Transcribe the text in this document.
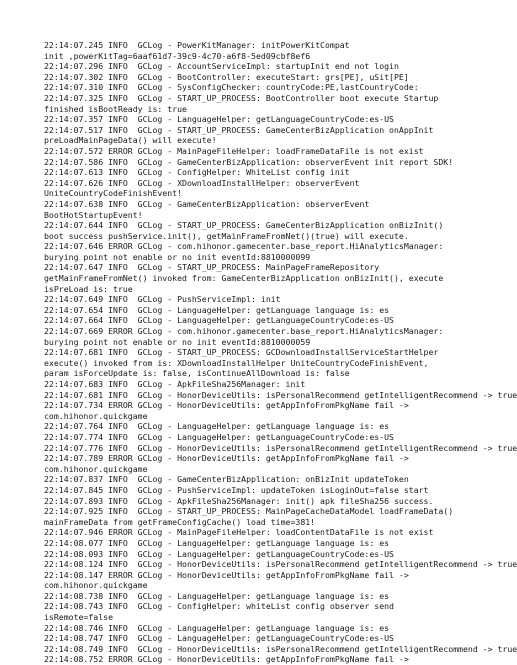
22:14:07.245 INFO  GCLog - PowerKitManager: initPowerKitCompat
init ,powerKitTag=6aaf61d7-39c9-4c70-a6f8-5ed09cbf8ef6
22:14:07.296 INFO  GCLog - AccountServiceImpl: startupInit end not login
22:14:07.302 INFO  GCLog - BootController: executeStart: grs[PE], uSit[PE]
22:14:07.310 INFO  GCLog - SysConfigChecker: countryCode:PE,lastCountryCode:
22:14:07.325 INFO  GCLog - START_UP_PROCESS: BootController boot execute Startup
finished isBootReady is: true
22:14:07.357 INFO  GCLog - LanguageHelper: getLanguageCountryCode:es-US
22:14:07.517 INFO  GCLog - START_UP_PROCESS: GameCenterBizApplication onAppInit
preLoadMainPageData() will execute!
22:14:07.572 ERROR GCLog - MainPageFileHelper: loadFrameDataFile is not exist
22:14:07.586 INFO  GCLog - GameCenterBizApplication: observerEvent init report SDK!
22:14:07.613 INFO  GCLog - ConfigHelper: WhiteList config init
22:14:07.626 INFO  GCLog - XDownloadInstallHelper: observerEvent
UniteCountryCodeFinishEvent!
22:14:07.638 INFO  GCLog - GameCenterBizApplication: observerEvent
BootHotStartupEvent!
22:14:07.644 INFO  GCLog - START_UP_PROCESS: GameCenterBizApplication onBizInit()
boot success pushService.init(), getMainFrameFromNet()(true) will execute.
22:14:07.646 ERROR GCLog - com.hihonor.gamecenter.base_report.HiAnalyticsManager:
burying point not enable or no init eventId:8810000099
22:14:07.647 INFO  GCLog - START_UP_PROCESS: MainPageFrameRepository
getMainFrameFromNet() invoked from: GameCenterBizApplication onBizInit(), execute
isPreLoad is: true
22:14:07.649 INFO  GCLog - PushServiceImpl: init
22:14:07.654 INFO  GCLog - LanguageHelper: getLanguage language is: es
22:14:07.664 INFO  GCLog - LanguageHelper: getLanguageCountryCode:es-US
22:14:07.669 ERROR GCLog - com.hihonor.gamecenter.base_report.HiAnalyticsManager:
burying point not enable or no init eventId:8810000059
22:14:07.681 INFO  GCLog - START_UP_PROCESS: GCDownloadInstallServiceStartHelper
execute() invoked from is: XDownloadInstallHelper UniteCountryCodeFinishEvent,
param isForceUpdate is: false, isContinueAllDownload is: false
22:14:07.683 INFO  GCLog - ApkFileSha256Manager: init
22:14:07.681 INFO  GCLog - HonorDeviceUtils: isPersonalRecommend getIntelligentRecommend -> true
22:14:07.734 ERROR GCLog - HonorDeviceUtils: getAppInfoFromPkgName fail ->
com.hihonor.quickgame
22:14:07.764 INFO  GCLog - LanguageHelper: getLanguage language is: es
22:14:07.774 INFO  GCLog - LanguageHelper: getLanguageCountryCode:es-US
22:14:07.776 INFO  GCLog - HonorDeviceUtils: isPersonalRecommend getIntelligentRecommend -> true
22:14:07.789 ERROR GCLog - HonorDeviceUtils: getAppInfoFromPkgName fail ->
com.hihonor.quickgame
22:14:07.837 INFO  GCLog - GameCenterBizApplication: onBizInit updateToken
22:14:07.845 INFO  GCLog - PushServiceImpl: updateToken isLoginOut=false start
22:14:07.893 INFO  GCLog - ApkFileSha256Manager: init() apk fileSha256 success.
22:14:07.925 INFO  GCLog - START_UP_PROCESS: MainPageCacheDataModel loadFrameData()
mainFrameData from getFrameConfigCache() load time=381!
22:14:07.946 ERROR GCLog - MainPageFileHelper: loadContentDataFile is not exist
22:14:08.077 INFO  GCLog - LanguageHelper: getLanguage language is: es
22:14:08.093 INFO  GCLog - LanguageHelper: getLanguageCountryCode:es-US
22:14:08.124 INFO  GCLog - HonorDeviceUtils: isPersonalRecommend getIntelligentRecommend -> true
22:14:08.147 ERROR GCLog - HonorDeviceUtils: getAppInfoFromPkgName fail ->
com.hihonor.quickgame
22:14:08.738 INFO  GCLog - LanguageHelper: getLanguage language is: es
22:14:08.743 INFO  GCLog - ConfigHelper: whiteList config observer send
isRemote=false
22:14:08.746 INFO  GCLog - LanguageHelper: getLanguage language is: es
22:14:08.747 INFO  GCLog - LanguageHelper: getLanguageCountryCode:es-US
22:14:08.749 INFO  GCLog - HonorDeviceUtils: isPersonalRecommend getIntelligentRecommend -> true
22:14:08.752 ERROR GCLog - HonorDeviceUtils: getAppInfoFromPkgName fail ->
